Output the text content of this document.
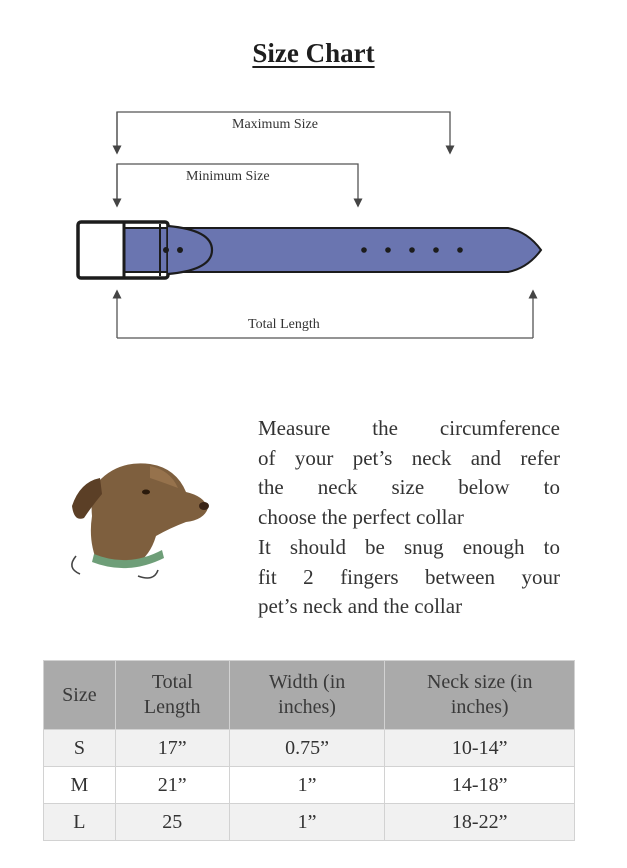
Size Chart
Maximum Size
Minimum Size
Total Length
Measure the circumference
of your pet’s neck and refer
the neck size below to
choose the perfect collar
It should be snug enough to
fit 2 fingers between your
pet’s neck and the collar
Size	Total Length	Width (in inches)	Neck size (in inches)
S	17”	0.75”	10-14”
M	21”	1”	14-18”
L	25	1”	18-22”
